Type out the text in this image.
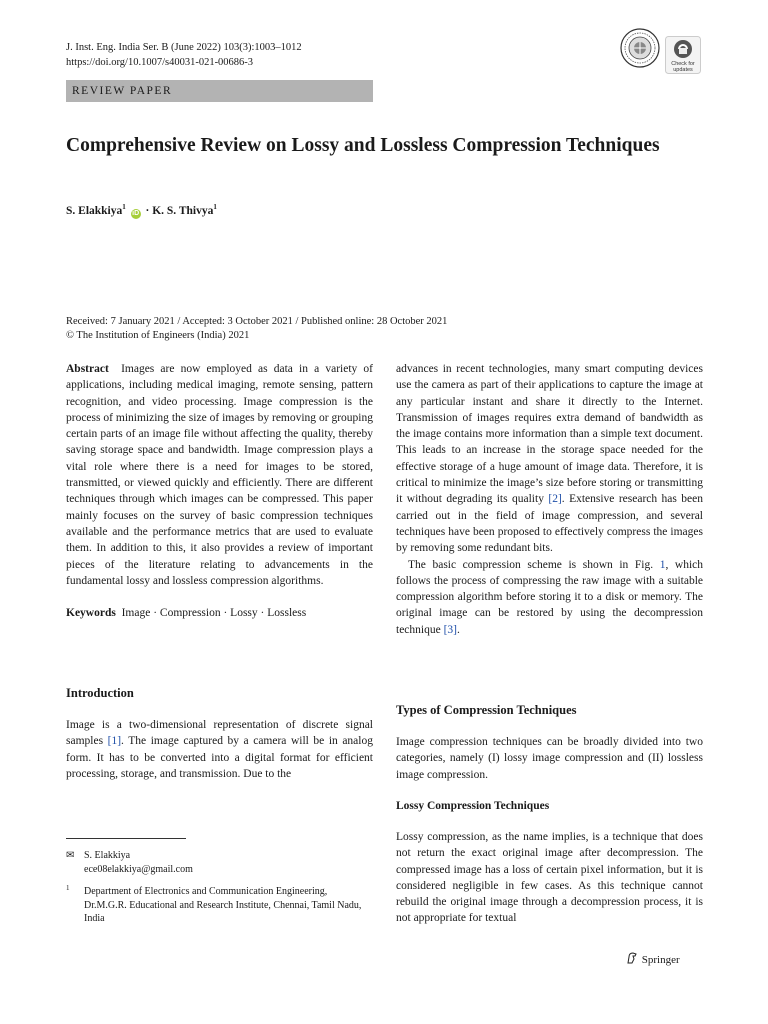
J. Inst. Eng. India Ser. B (June 2022) 103(3):1003–1012
https://doi.org/10.1007/s40031-021-00686-3	Check for
updates
REVIEW PAPER
Comprehensive Review on Lossy and Lossless Compression Techniques
S. Elakkiya$^1$ iD · K. S. Thivya$^1$
Received: 7 January 2021 / Accepted: 3 October 2021 / Published online: 28 October 2021
© The Institution of Engineers (India) 2021

Abstract Images are now employed as data in a variety of applications, including medical imaging, remote sensing, pattern recognition, and video processing. Image compression is the process of minimizing the size of images by removing or grouping certain parts of an image file without affecting the quality, thereby saving storage space and bandwidth. Image compression plays a vital role where there is a need for images to be stored, transmitted, or viewed quickly and efficiently. There are different techniques through which images can be compressed. This paper mainly focuses on the survey of basic compression techniques available and the performance metrics that are used to evaluate them. In addition to this, it also provides a review of important pieces of the literature relating to advancements in the fundamental lossy and lossless compression algorithms.

Keywords Image · Compression · Lossy · Lossless

Introduction

Image is a two-dimensional representation of discrete signal samples [1]. The image captured by a camera will be in analog form. It has to be converted into a digital format for efficient processing, storage, and transmission. Due to the

✉ S. Elakkiya
ece08elakkiya@gmail.com
1	Department of Electronics and Communication Engineering, Dr.M.G.R. Educational and Research Institute, Chennai, Tamil Nadu, India

advances in recent technologies, many smart computing devices use the camera as part of their applications to capture the image at any particular instant and share it directly to the Internet. Transmission of images requires extra demand of bandwidth as the image contains more information than a simple text document. This leads to an increase in the storage space needed for the effective storage of a huge amount of image data. Therefore, it is critical to minimize the image’s size before storing or transmitting it without degrading its quality [2]. Extensive research has been carried out in the field of image compression, and several techniques have been proposed to effectively compress the images by removing some redundant bits.

The basic compression scheme is shown in Fig. 1, which follows the process of compressing the raw image with a suitable compression algorithm before storing it to a disk or memory. The original image can be restored by using the decompression technique [3].

Types of Compression Techniques
Image compression techniques can be broadly divided into two categories, namely (I) lossy image compression and (II) lossless image compression.
Lossy Compression Techniques
Lossy compression, as the name implies, is a technique that does not return the exact original image after decompression. The compressed image has a loss of certain pixel information, but it is considered negligible in few cases. As this technique cannot rebuild the original image through a decompression process, it is not appropriate for textual
Springer
